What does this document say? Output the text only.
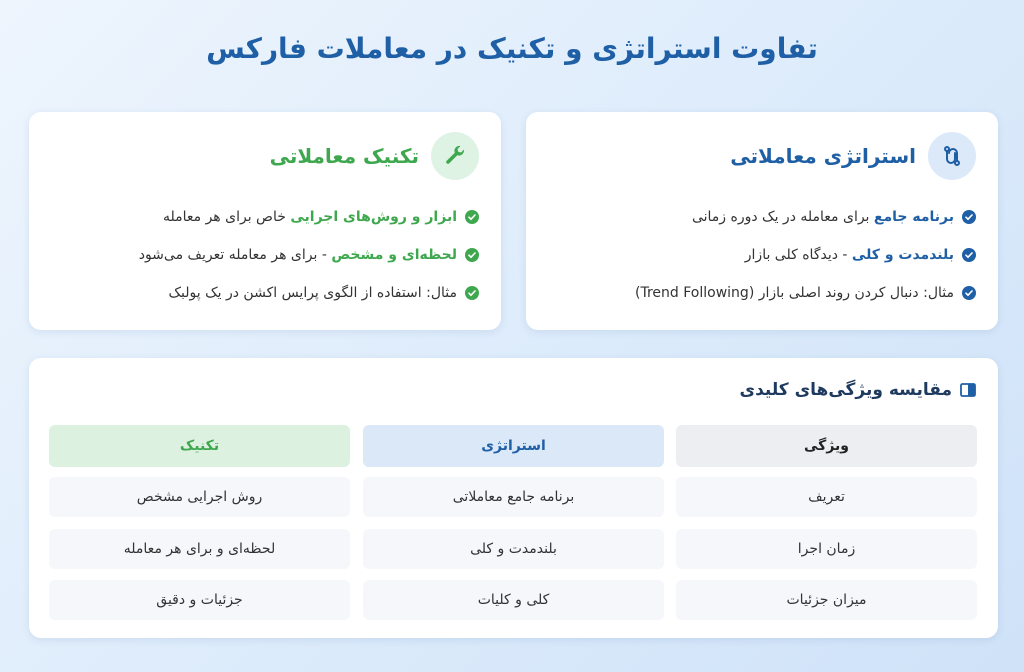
تفاوت استراتژی و تکنیک در معاملات فارکس
استراتژی معاملاتی
برنامه جامع برای معامله در یک دوره زمانی
بلندمدت و کلی - دیدگاه کلی بازار
مثال: دنبال کردن روند اصلی بازار (Trend Following)
تکنیک معاملاتی
ابزار و روش‌های اجرایی خاص برای هر معامله
لحظه‌ای و مشخص - برای هر معامله تعریف می‌شود
مثال: استفاده از الگوی پرایس اکشن در یک پولبک
مقایسه ویژگی‌های کلیدی
ویژگی
استراتژی
تکنیک
تعریف
برنامه جامع معاملاتی
روش اجرایی مشخص
زمان اجرا
بلندمدت و کلی
لحظه‌ای و برای هر معامله
میزان جزئیات
کلی و کلیات
جزئیات و دقیق
